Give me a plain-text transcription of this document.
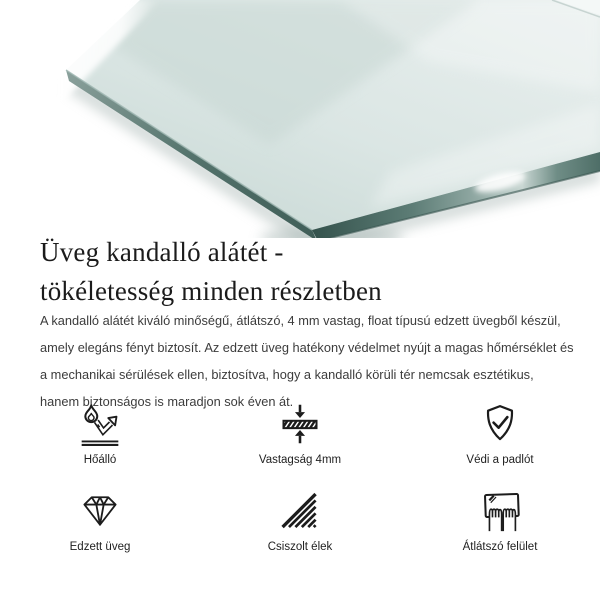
Üveg kandalló alátét -
tökéletesség minden részletben
A kandalló alátét kiváló minőségű, átlátszó, 4 mm vastag, float típusú edzett üvegből készül, amely elegáns fényt biztosít. Az edzett üveg hatékony védelmet nyújt a magas hőmérséklet és a mechanikai sérülések ellen, biztosítva, hogy a kandalló körüli tér nemcsak esztétikus, hanem biztonságos is maradjon sok éven át.
Hőálló	Vastagság 4mm	Védi a padlót
Edzett üveg	Csiszolt élek	Átlátszó felület
